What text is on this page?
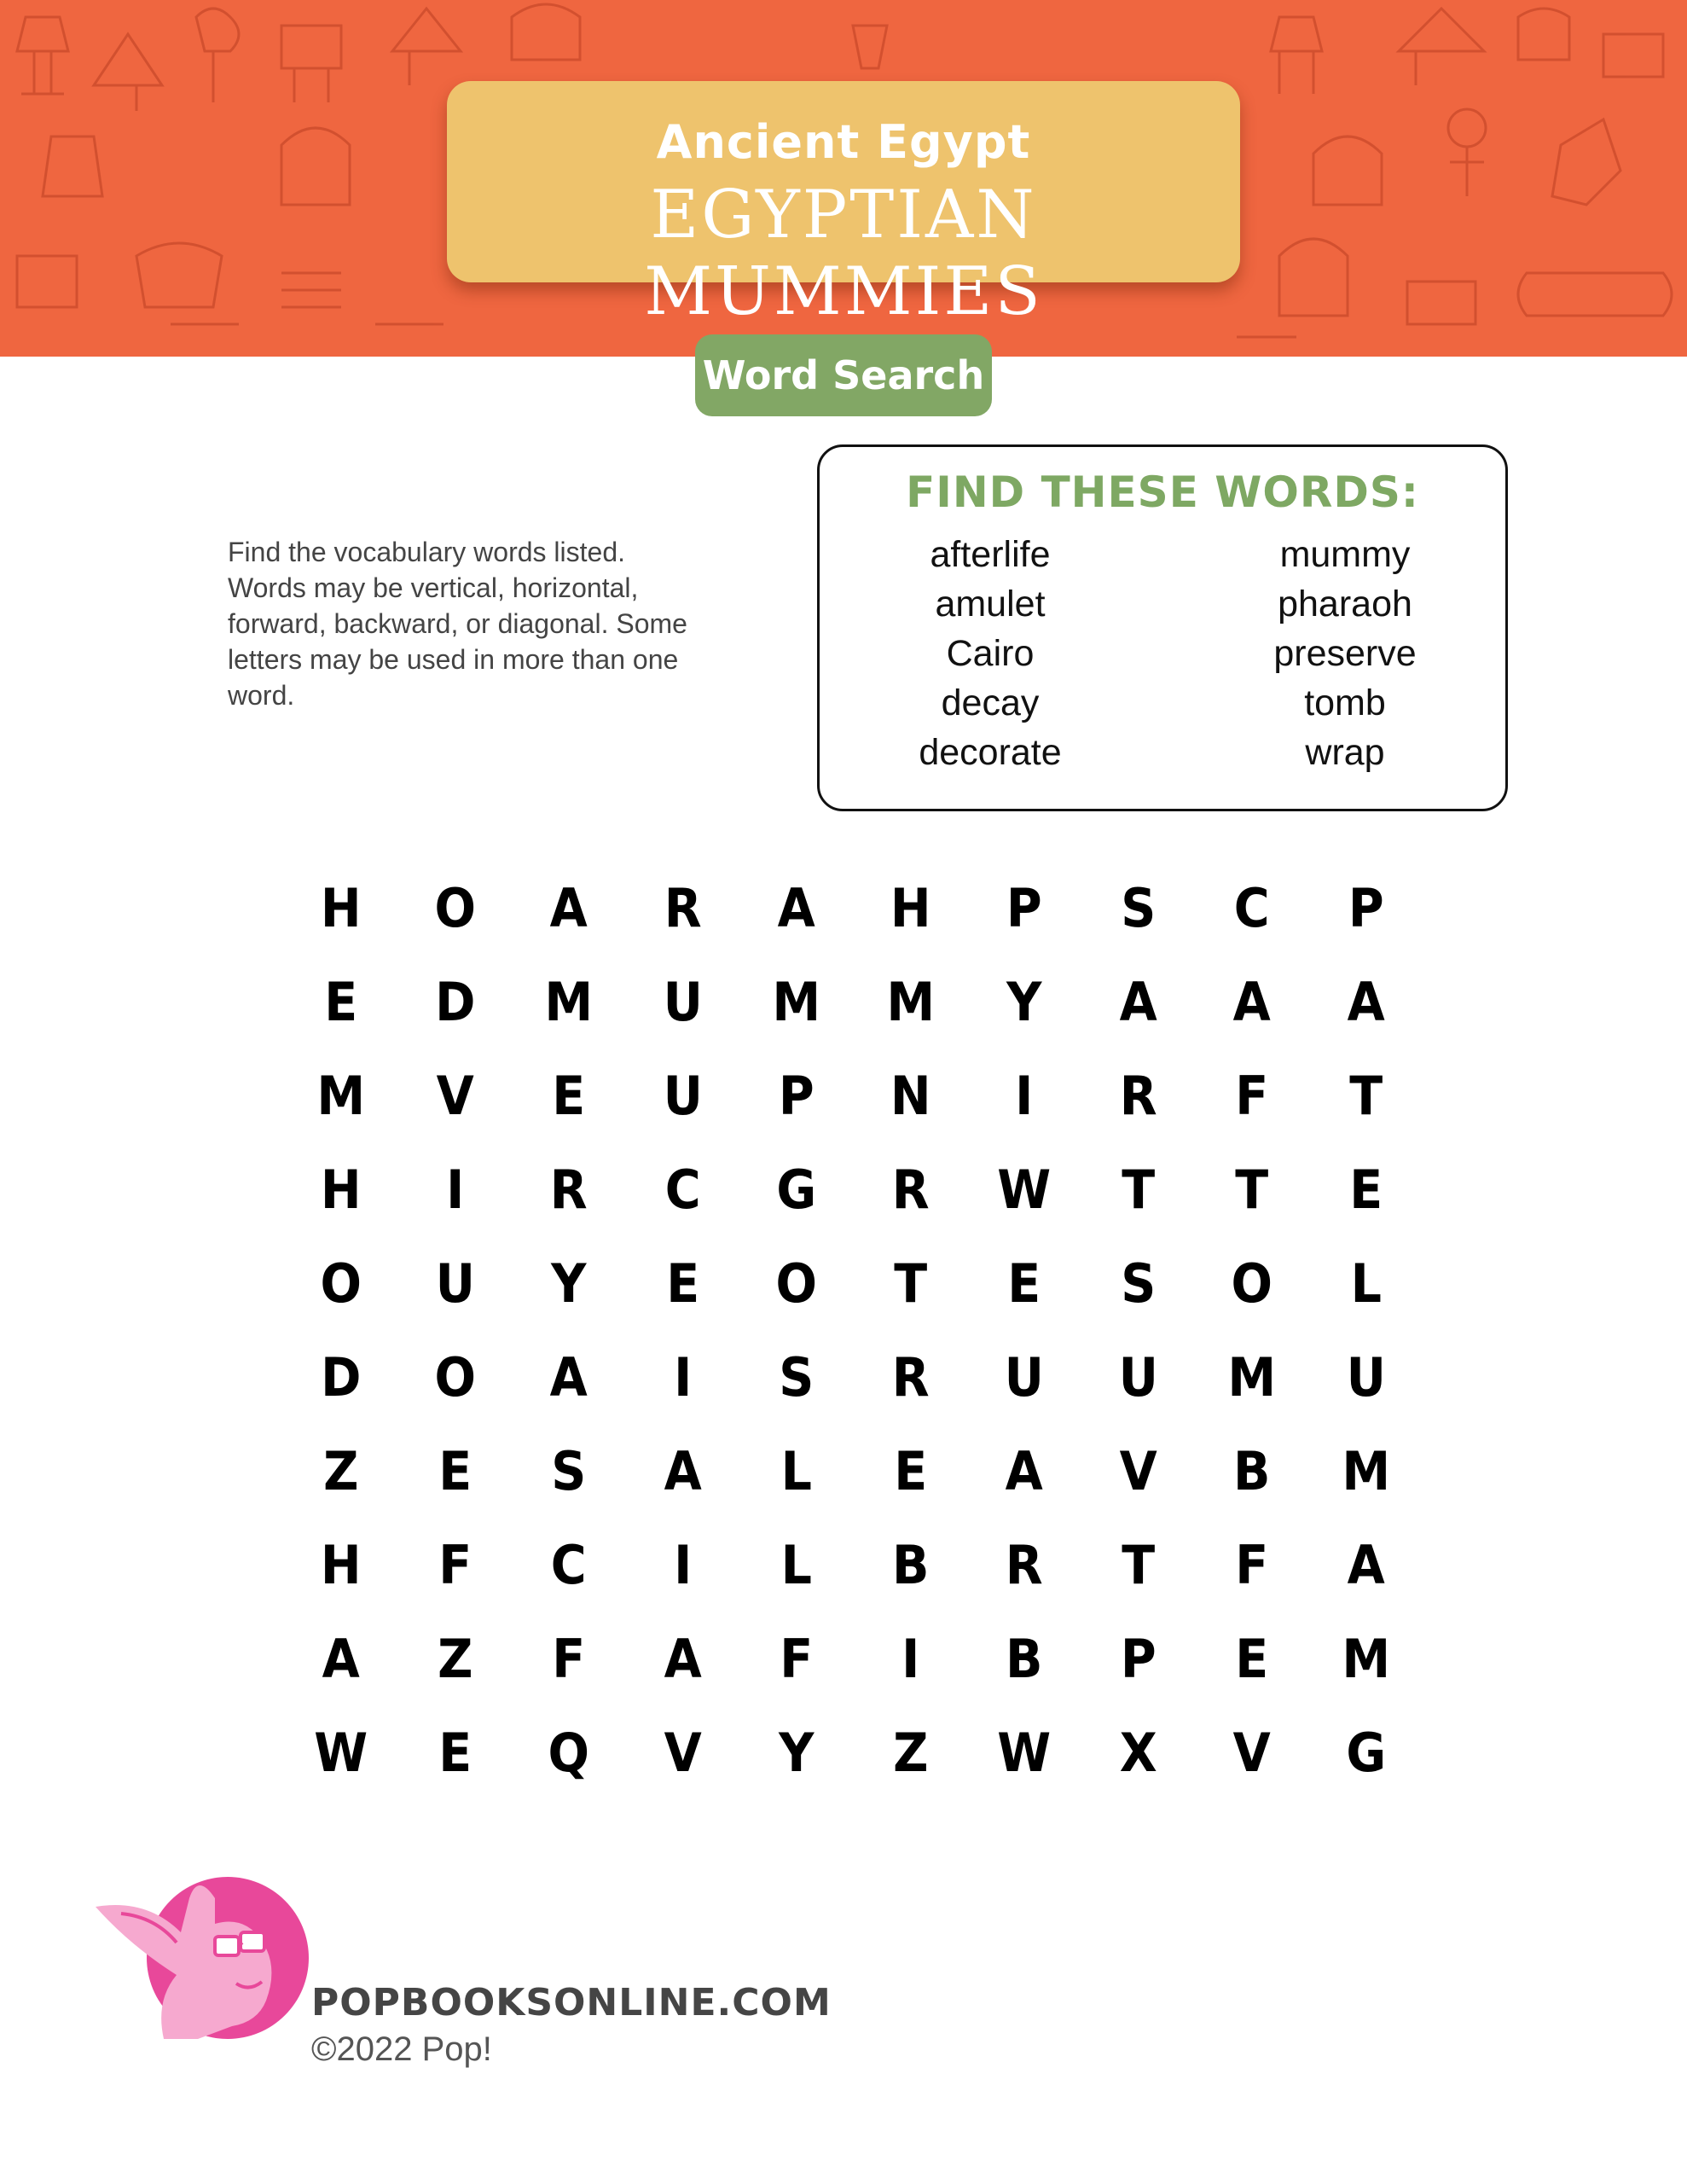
Ancient Egypt
EGYPTIAN MUMMIES
Word Search
Find the vocabulary words listed. Words may be vertical, horizontal, forward, backward, or diagonal. Some letters may be used in more than one word.
FIND THESE WORDS:
afterlife
amulet
Cairo
decay
decorate
mummy
pharaoh
preserve
tomb
wrap
H	O	A	R	A	H	P	S	C	P
E	D	M	U	M	M	Y	A	A	A
M	V	E	U	P	N	I	R	F	T
H	I	R	C	G	R	W	T	T	E
O	U	Y	E	O	T	E	S	O	L
D	O	A	I	S	R	U	U	M	U
Z	E	S	A	L	E	A	V	B	M
H	F	C	I	L	B	R	T	F	A
A	Z	F	A	F	I	B	P	E	M
W	E	Q	V	Y	Z	W	X	V	G
POPBOOKSONLINE.COM
©2022 Pop!
